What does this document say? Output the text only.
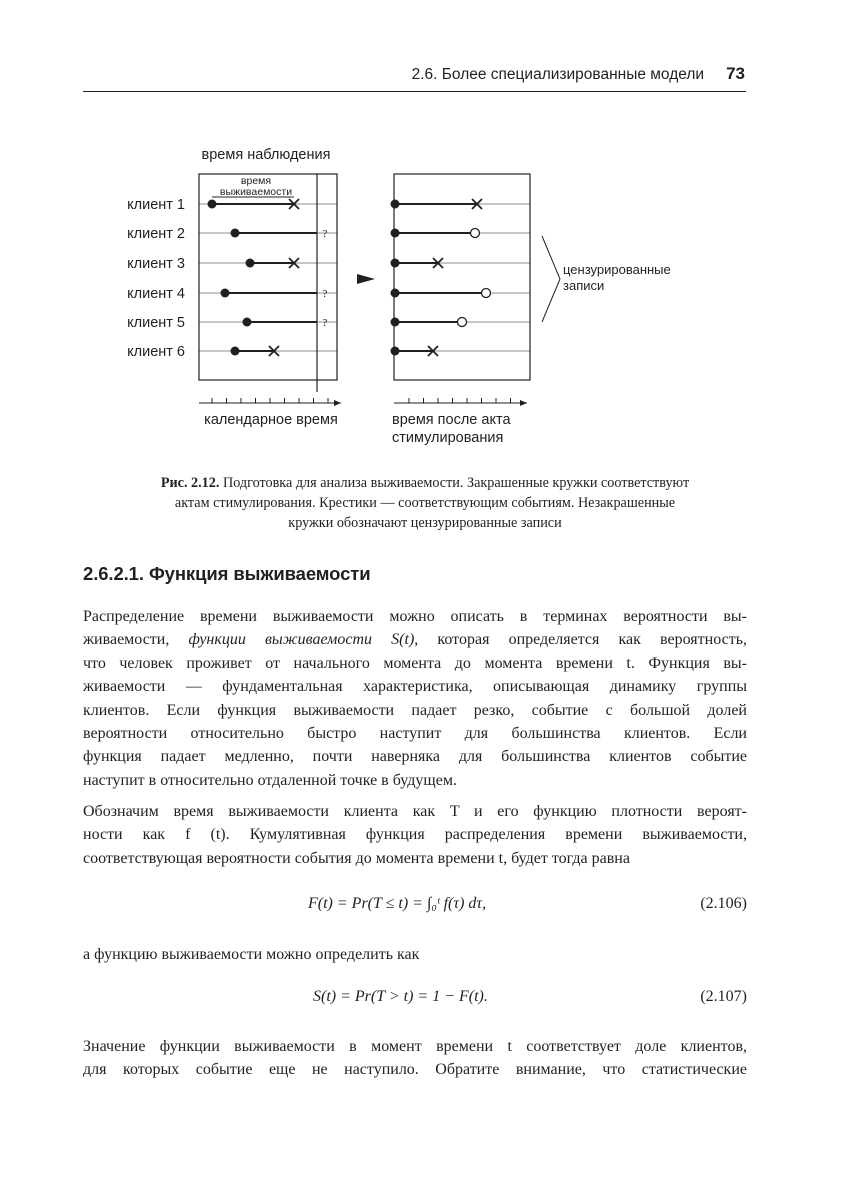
2.6. Более специализированные модели 73
время наблюдения
время
выживаемости
клиент 1
клиент 2	?
клиент 3
клиент 4	?
клиент 5	?
клиент 6
календарное время	время после акта
стимулирования
цензурированные
записи
Рис. 2.12. Подготовка для анализа выживаемости. Закрашенные кружки соответствуют
актам стимулирования. Крестики — соответствующим событиям. Незакрашенные
кружки обозначают цензурированные записи
2.6.2.1. Функция выживаемости
Распределение времени выживаемости можно описать в терминах вероятности вы-
живаемости, функции выживаемости S(t), которая определяется как вероятность,
что человек проживет от начального момента до момента времени t. Функция вы-
живаемости — фундаментальная характеристика, описывающая динамику группы
клиентов. Если функция выживаемости падает резко, событие с большой долей
вероятности относительно быстро наступит для большинства клиентов. Если
функция падает медленно, почти наверняка для большинства клиентов событие
наступит в относительно отдаленной точке в будущем.
Обозначим время выживаемости клиента как T и его функцию плотности вероят-
ности как f (t). Кумулятивная функция распределения времени выживаемости,
соответствующая вероятности события до момента времени t, будет тогда равна
F(t) = Pr(T ≤ t) = ∫₀ᵗ f(τ) dτ,	(2.106)
а функцию выживаемости можно определить как
S(t) = Pr(T > t) = 1 − F(t).	(2.107)
Значение функции выживаемости в момент времени t соответствует доле клиентов,
для которых событие еще не наступило. Обратите внимание, что статистические
